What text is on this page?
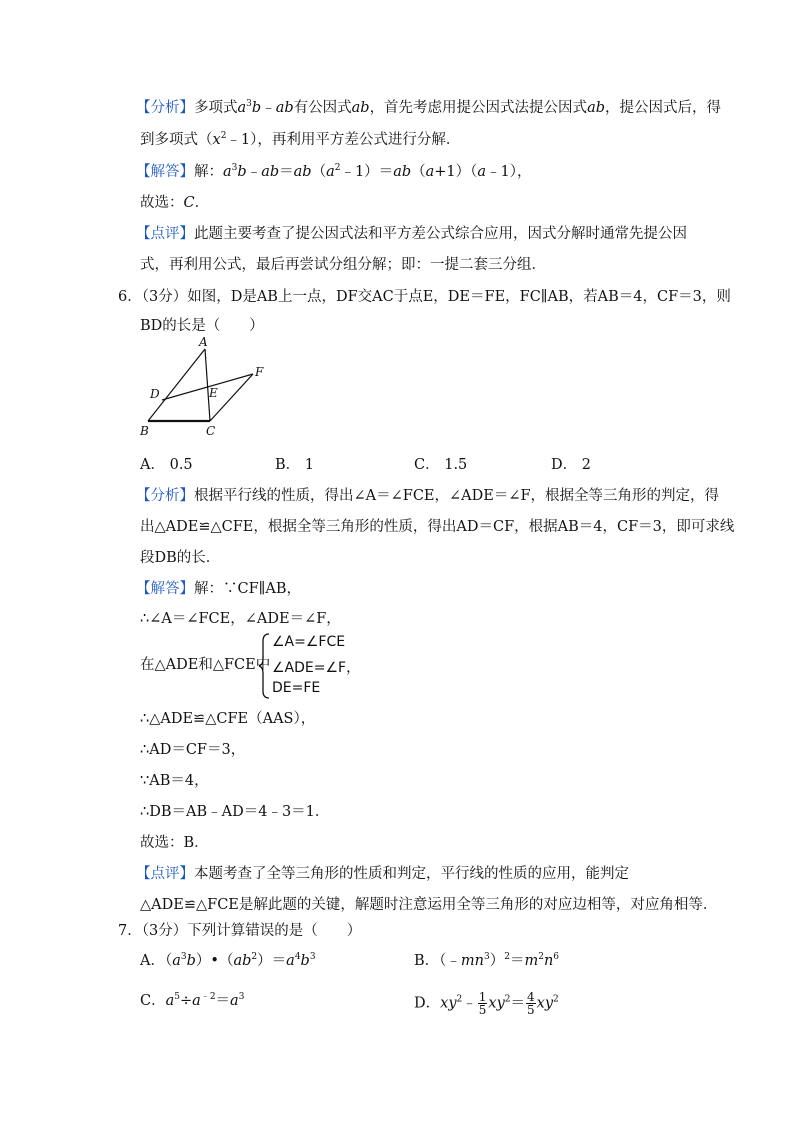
【分析】多项式$a^3b﹣ab$有公因式ab，首先考虑用提公因式法提公因式ab，提公因式后，得
到多项式$(x^2﹣1)$，再利用平方差公式进行分解．
【解答】解：$a^3b﹣ab=ab(a^2﹣1)=ab(a+1)(a﹣1)$，
故选：C．
【点评】此题主要考查了提公因式法和平方差公式综合应用，因式分解时通常先提公因
式，再利用公式，最后再尝试分组分解；即：一提二套三分组．
6．（3分）如图，D是AB上一点，DF交AC于点E，DE＝FE，FC∥AB，若AB＝4，CF＝3，则
BD的长是（　　）
A
B	C
D	E
F
A． 0.5	B． 1	C． 1.5	D． 2
【分析】根据平行线的性质，得出∠A＝∠FCE，∠ADE＝∠F，根据全等三角形的判定，得
出△ADE≌△CFE，根据全等三角形的性质，得出AD＝CF，根据AB＝4，CF＝3，即可求线
段DB的长．
【解答】解：∵CF∥AB，
∴∠A＝∠FCE，∠ADE＝∠F，
在△ADE和△FCE中
∠A=∠FCE
∠ADE=∠F，
DE=FE
∴△ADE≌△CFE（AAS），
∴AD＝CF＝3，
∵AB＝4，
∴DB＝AB﹣AD＝4﹣3＝1．
故选：B．
【点评】本题考查了全等三角形的性质和判定，平行线的性质的应用，能判定
△ADE≌△FCE是解此题的关键，解题时注意运用全等三角形的对应边相等，对应角相等．
7．（3分）下列计算错误的是（　　）
A．$(a^3b)•(ab^2)=a^4b^3$	B．$(﹣mn^3)^2=m^2n^6$
C．$a^5\div a^{﹣2}=a^3$	D．$xy^2﹣ \frac{1}{5} xy^2= \frac{4}{5} xy^2$
